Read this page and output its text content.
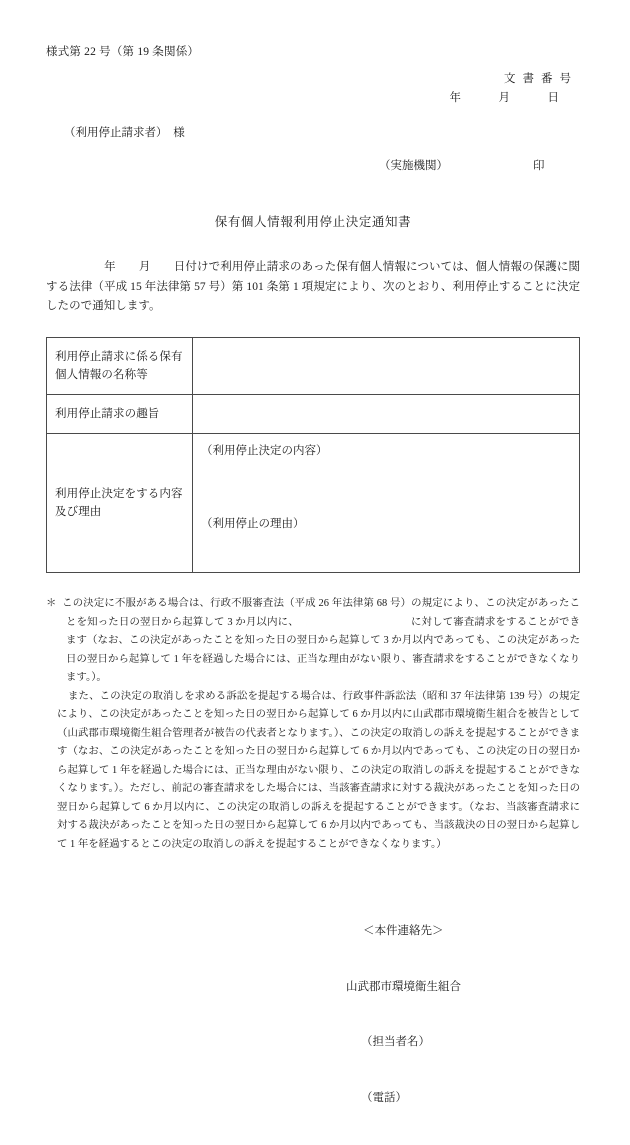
様式第 22 号（第 19 条関係）
文書番号
年　月　日
（利用停止請求者）　様
（実施機関）	印
保有個人情報利用停止決定通知書
年　　月　　日付けで利用停止請求のあった保有個人情報については、個人情報の保護に関する法律（平成 15 年法律第 57 号）第 101 条第 1 項規定により、次のとおり、利用停止することに決定したので通知します。
利用停止請求に係る保有個人情報の名称等	
利用停止請求の趣旨	
利用停止決定をする内容及び理由	（利用停止決定の内容）
（利用停止の理由）

＊ この決定に不服がある場合は、行政不服審査法（平成 26 年法律第 68 号）の規定により、この決定があったことを知った日の翌日から起算して 3 か月以内に、	に対して審査請求をすることができます（なお、この決定があったことを知った日の翌日から起算して 3 か月以内であっても、この決定があった日の翌日から起算して 1 年を経過した場合には、正当な理由がない限り、審査請求をすることができなくなります。）。

また、この決定の取消しを求める訴訟を提起する場合は、行政事件訴訟法（昭和 37 年法律第 139 号）の規定により、この決定があったことを知った日の翌日から起算して 6 か月以内に山武郡市環境衛生組合を被告として（山武郡市環境衛生組合管理者が被告の代表者となります。）、この決定の取消しの訴えを提起することができます（なお、この決定があったことを知った日の翌日から起算して 6 か月以内であっても、この決定の日の翌日から起算して 1 年を経過した場合には、正当な理由がない限り、この決定の取消しの訴えを提起することができなくなります。）。ただし、前記の審査請求をした場合には、当該審査請求に対する裁決があったことを知った日の翌日から起算して 6 か月以内に、この決定の取消しの訴えを提起することができます。（なお、当該審査請求に対する裁決があったことを知った日の翌日から起算して 6 か月以内であっても、当該裁決の日の翌日から起算して 1 年を経過するとこの決定の取消しの訴えを提起することができなくなります。）

＜本件連絡先＞

山武郡市環境衛生組合

（担当者名）

（電話）
